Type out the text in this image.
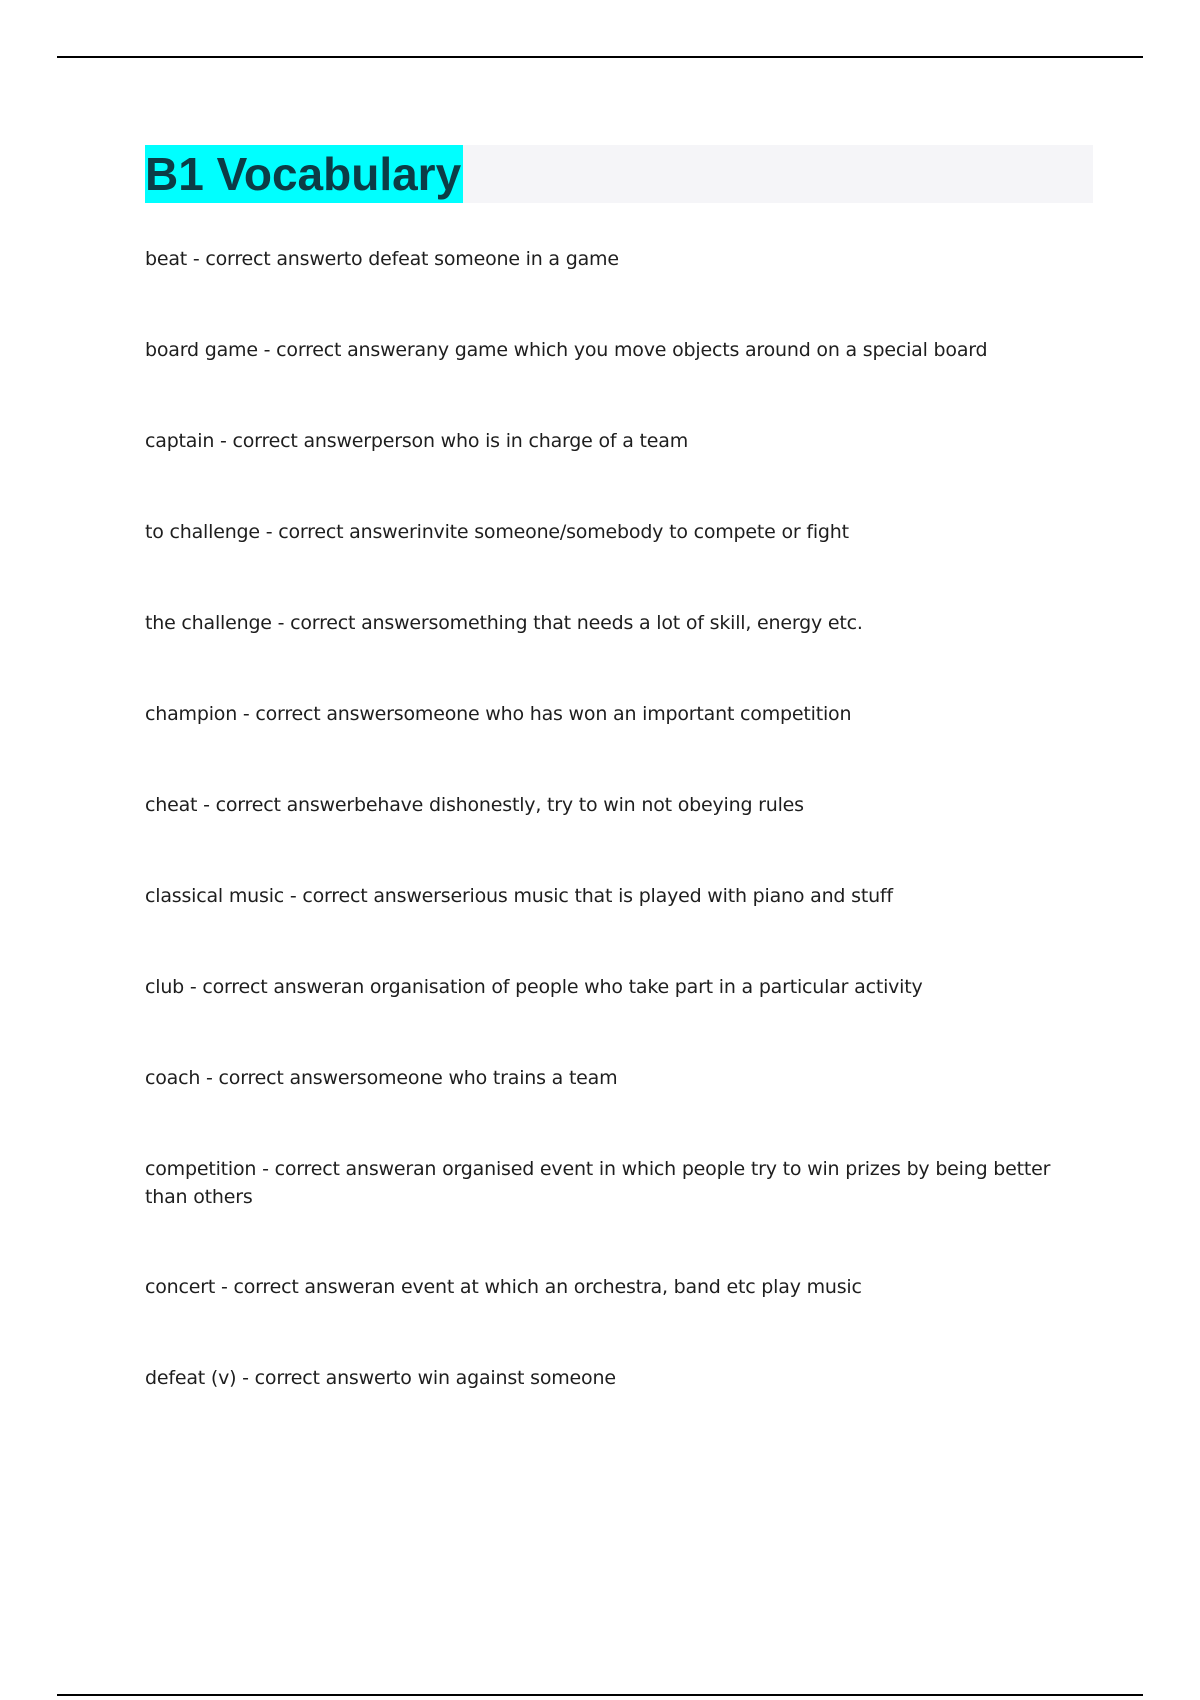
B1 Vocabulary
beat - correct answerto defeat someone in a game
board game - correct answerany game which you move objects around on a special board
captain - correct answerperson who is in charge of a team
to challenge - correct answerinvite someone/somebody to compete or fight
the challenge - correct answersomething that needs a lot of skill, energy etc.
champion - correct answersomeone who has won an important competition
cheat - correct answerbehave dishonestly, try to win not obeying rules
classical music - correct answerserious music that is played with piano and stuff
club - correct answeran organisation of people who take part in a particular activity
coach - correct answersomeone who trains a team
competition - correct answeran organised event in which people try to win prizes by being better than others
concert - correct answeran event at which an orchestra, band etc play music
defeat (v) - correct answerto win against someone
